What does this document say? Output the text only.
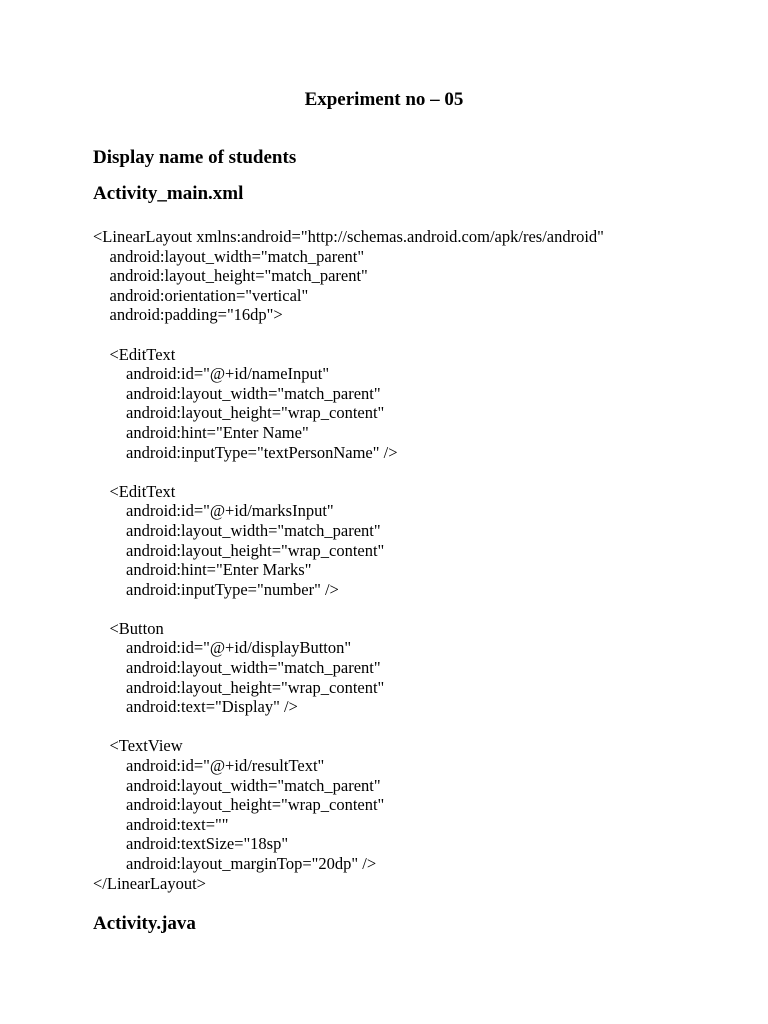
Experiment no – 05
Display name of students
Activity_main.xml
<LinearLayout xmlns:android="http://schemas.android.com/apk/res/android"
android:layout_width="match_parent"
android:layout_height="match_parent"
android:orientation="vertical"
android:padding="16dp">
<EditText
android:id="@+id/nameInput"
android:layout_width="match_parent"
android:layout_height="wrap_content"
android:hint="Enter Name"
android:inputType="textPersonName" />
<EditText
android:id="@+id/marksInput"
android:layout_width="match_parent"
android:layout_height="wrap_content"
android:hint="Enter Marks"
android:inputType="number" />
<Button
android:id="@+id/displayButton"
android:layout_width="match_parent"
android:layout_height="wrap_content"
android:text="Display" />
<TextView
android:id="@+id/resultText"
android:layout_width="match_parent"
android:layout_height="wrap_content"
android:text=""
android:textSize="18sp"
android:layout_marginTop="20dp" />
</LinearLayout>
Activity.java
